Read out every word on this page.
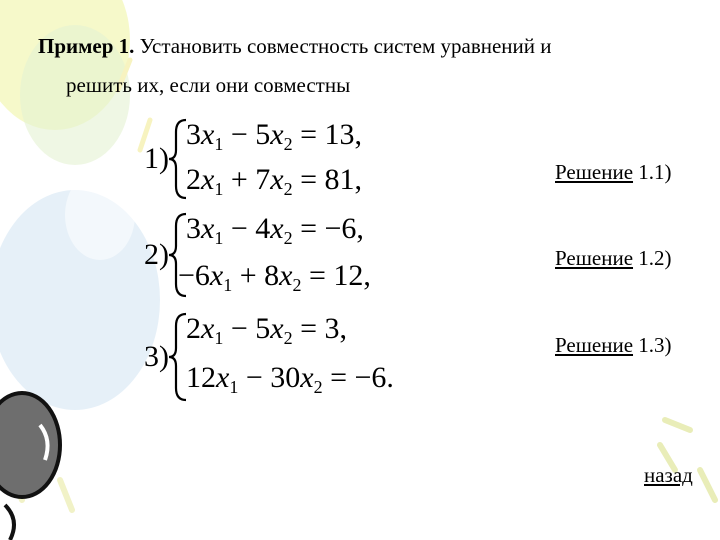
Пример 1. Установить совместность систем уравнений и
решить их, если они совместны
1)
$3x_1 - 5x_2 = 13$,
$2x_1 + 7x_2 = 81$,
2)
$3x_1 - 4x_2 = -6$,
$-6x_1 + 8x_2 = 12$,
3)
$2x_1 - 5x_2 = 3$,
$12x_1 - 30x_2 = -6$.
Решение 1.1)
Решение 1.2)
Решение 1.3)
назад
